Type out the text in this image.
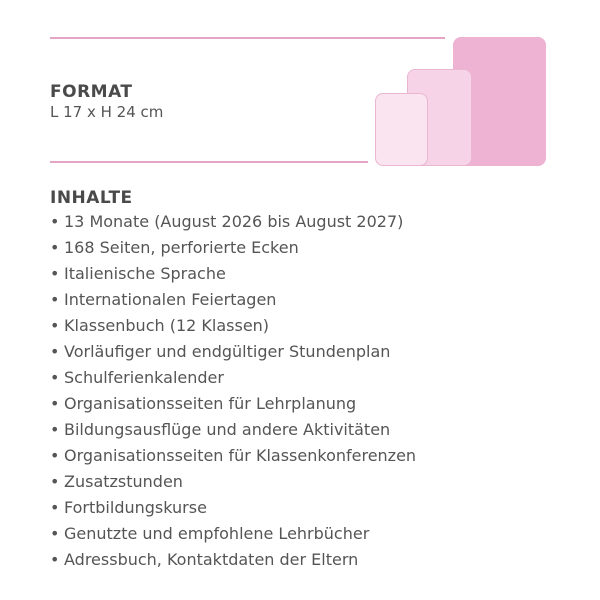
FORMAT
L 17 x H 24 cm
INHALTE
• 13 Monate (August 2026 bis August 2027)
• 168 Seiten, perforierte Ecken
• Italienische Sprache
• Internationalen Feiertagen
• Klassenbuch (12 Klassen)
• Vorläufiger und endgültiger Stundenplan
• Schulferienkalender
• Organisationsseiten für Lehrplanung
• Bildungsausflüge und andere Aktivitäten
• Organisationsseiten für Klassenkonferenzen
• Zusatzstunden
• Fortbildungskurse
• Genutzte und empfohlene Lehrbücher
• Adressbuch, Kontaktdaten der Eltern
